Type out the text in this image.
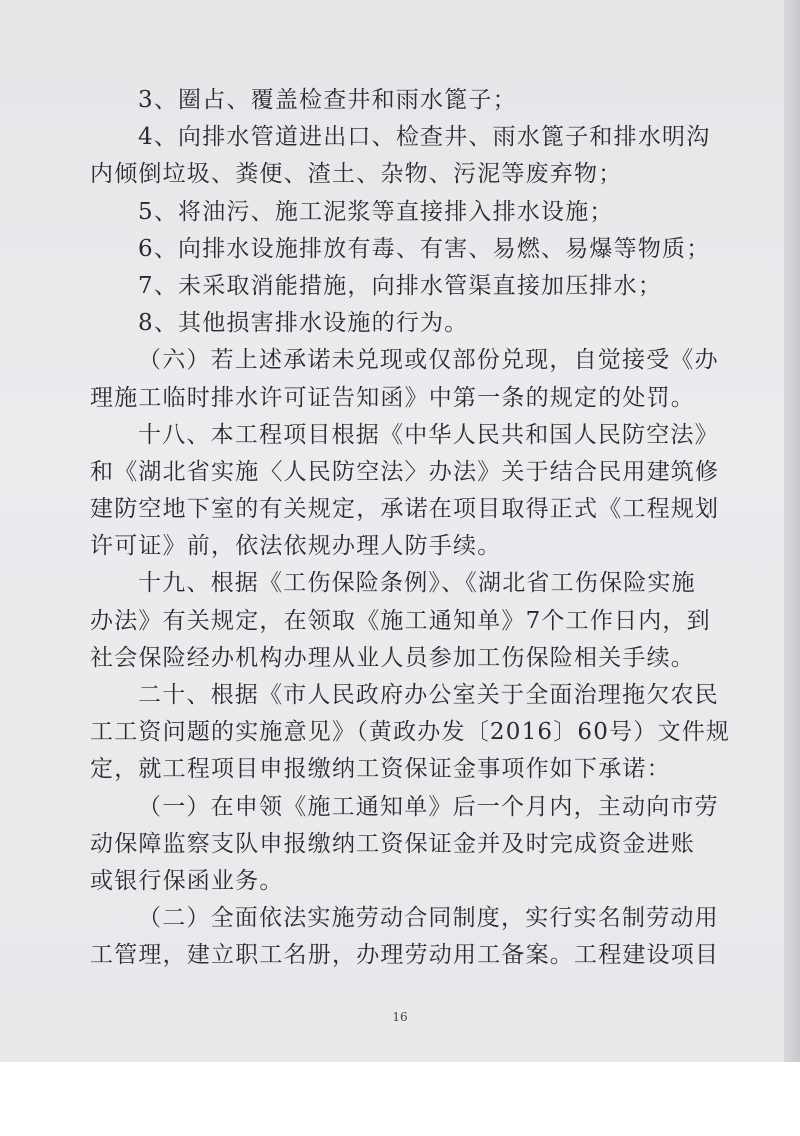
3、圈占、覆盖检查井和雨水篦子；
4、向排水管道进出口、检查井、雨水篦子和排水明沟
内倾倒垃圾、粪便、渣土、杂物、污泥等废弃物；
5、将油污、施工泥浆等直接排入排水设施；
6、向排水设施排放有毒、有害、易燃、易爆等物质；
7、未采取消能措施，向排水管渠直接加压排水；
8、其他损害排水设施的行为。
（六）若上述承诺未兑现或仅部份兑现，自觉接受《办
理施工临时排水许可证告知函》中第一条的规定的处罚。
十八、本工程项目根据《中华人民共和国人民防空法》
和《湖北省实施〈人民防空法〉办法》关于结合民用建筑修
建防空地下室的有关规定，承诺在项目取得正式《工程规划
许可证》前，依法依规办理人防手续。
十九、根据《工伤保险条例》、《湖北省工伤保险实施
办法》有关规定，在领取《施工通知单》7个工作日内，到
社会保险经办机构办理从业人员参加工伤保险相关手续。
二十、根据《市人民政府办公室关于全面治理拖欠农民
工工资问题的实施意见》（黄政办发〔2016〕60号）文件规
定，就工程项目申报缴纳工资保证金事项作如下承诺：
（一）在申领《施工通知单》后一个月内，主动向市劳
动保障监察支队申报缴纳工资保证金并及时完成资金进账
或银行保函业务。
（二）全面依法实施劳动合同制度，实行实名制劳动用
工管理，建立职工名册，办理劳动用工备案。工程建设项目
16
